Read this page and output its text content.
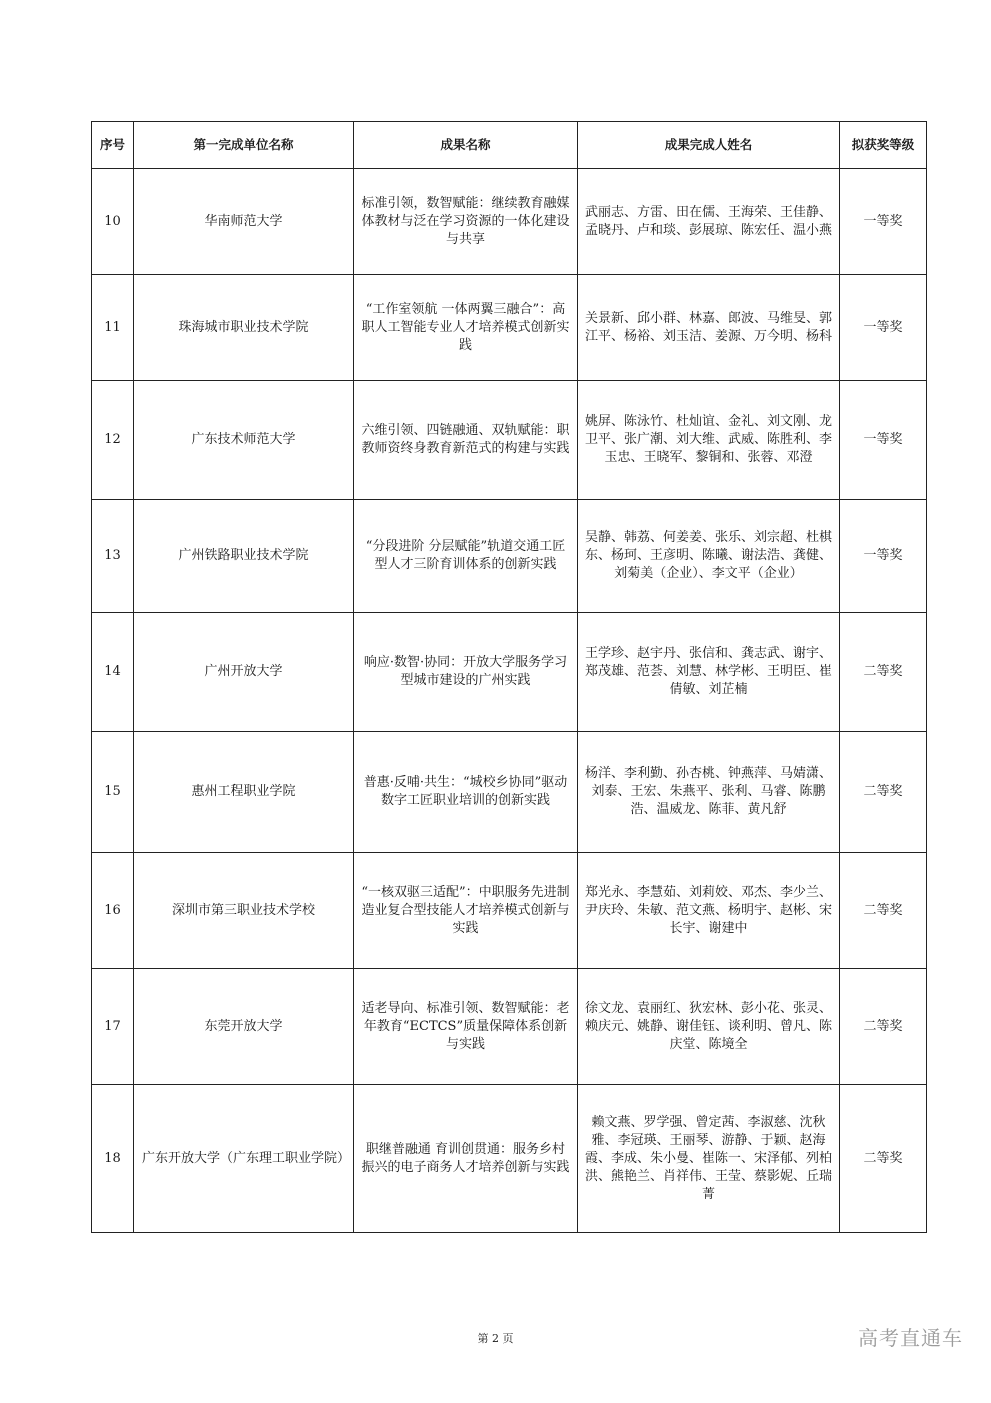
序号	第一完成单位名称	成果名称	成果完成人姓名	拟获奖等级
10	华南师范大学	标准引领，数智赋能：继续教育融媒体教材与泛在学习资源的一体化建设与共享	武丽志、方雷、田在儒、王海荣、王佳静、孟晓丹、卢和琰、彭展琼、陈宏任、温小燕	一等奖
11	珠海城市职业技术学院	“工作室领航 一体两翼三融合”：高职人工智能专业人才培养模式创新实践	关景新、邱小群、林嘉、郎波、马维旻、郭江平、杨裕、刘玉洁、姜源、万今明、杨科	一等奖
12	广东技术师范大学	六维引领、四链融通、双轨赋能：职教师资终身教育新范式的构建与实践	姚屏、陈泳竹、杜灿谊、金礼、刘文刚、龙卫平、张广潮、刘大维、武威、陈胜利、李玉忠、王晓军、黎铜和、张蓉、邓澄	一等奖
13	广州铁路职业技术学院	“分段进阶 分层赋能”轨道交通工匠型人才三阶育训体系的创新实践	吴静、韩荔、何姜姜、张乐、刘宗超、杜棋东、杨珂、王彦明、陈曦、谢法浩、龚健、刘菊美（企业）、李文平（企业）	一等奖
14	广州开放大学	响应·数智·协同：开放大学服务学习型城市建设的广州实践	王学珍、赵宇丹、张信和、龚志武、谢宇、郑茂雄、范荟、刘慧、林学彬、王明臣、崔倩敏、刘芷楠	二等奖
15	惠州工程职业学院	普惠·反哺·共生：“城校乡协同”驱动数字工匠职业培训的创新实践	杨洋、李利勤、孙杏桃、钟燕萍、马婧潇、刘泰、王宏、朱燕平、张利、马睿、陈鹏浩、温威龙、陈菲、黄凡舒	二等奖
16	深圳市第三职业技术学校	“一核双驱三适配”：中职服务先进制造业复合型技能人才培养模式创新与实践	郑光永、李慧茹、刘莉姣、邓杰、李少兰、尹庆玲、朱敏、范文燕、杨明宇、赵彬、宋长宇、谢建中	二等奖
17	东莞开放大学	适老导向、标准引领、数智赋能：老年教育“ECTCS”质量保障体系创新与实践	徐文龙、袁丽红、狄宏林、彭小花、张灵、赖庆元、姚静、谢佳钰、谈利明、曾凡、陈庆堂、陈境全	二等奖
18	广东开放大学（广东理工职业学院）	职继普融通 育训创贯通：服务乡村振兴的电子商务人才培养创新与实践	赖文燕、罗学强、曾定茜、李淑慈、沈秋雅、李冠瑛、王丽琴、游静、于颖、赵海霞、李成、朱小曼、崔陈一、宋泽郁、列柏洪、熊艳兰、肖祥伟、王莹、蔡影妮、丘瑞菁	二等奖
第 2 页	高考直通车
